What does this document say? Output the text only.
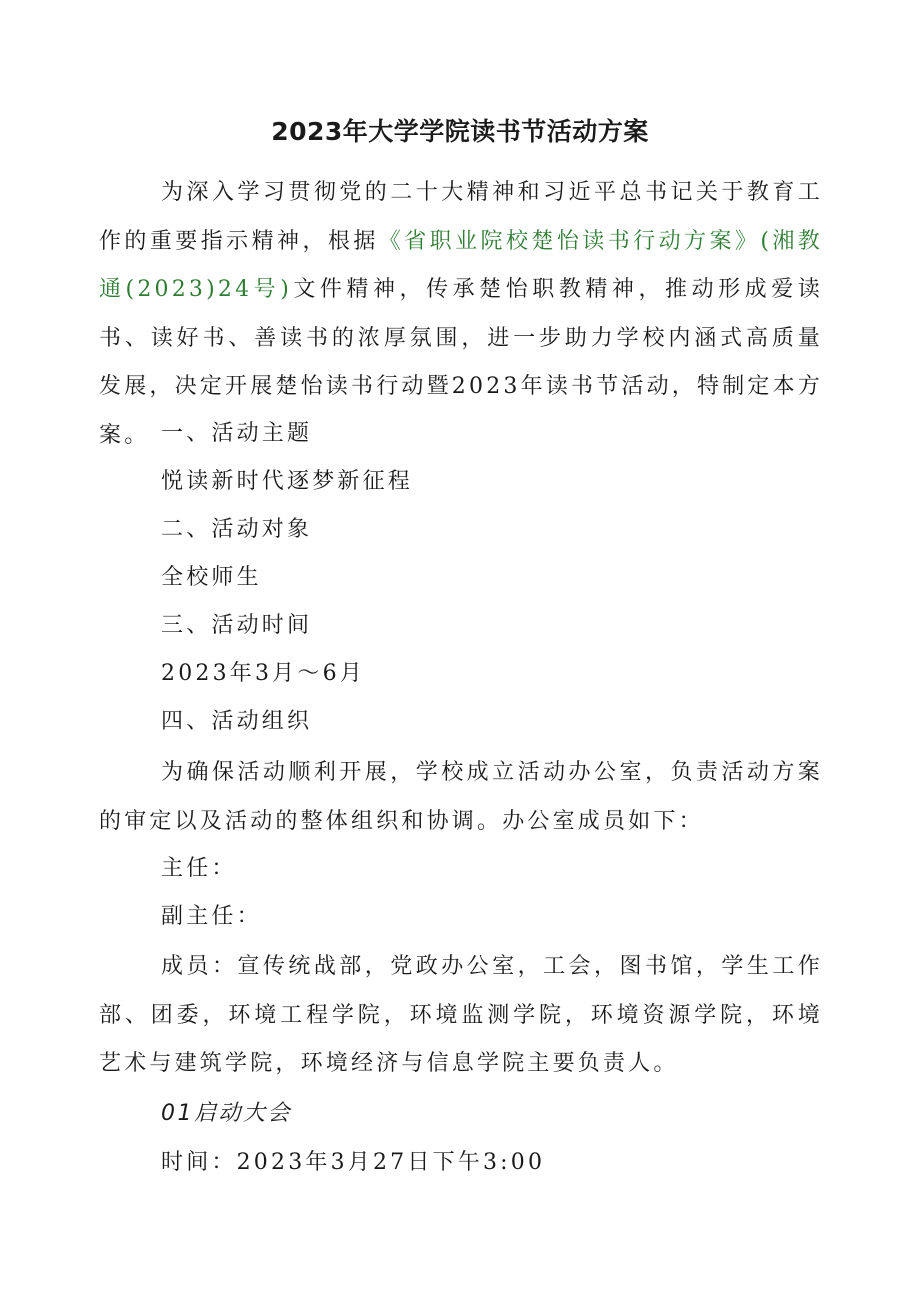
2023年大学学院读书节活动方案
为深入学习贯彻党的二十大精神和习近平总书记关于教育工作的重要指示精神，根据《省职业院校楚怡读书行动方案》(湘教通(2023)24号)文件精神，传承楚怡职教精神，推动形成爱读书、读好书、善读书的浓厚氛围，进一步助力学校内涵式高质量发展，决定开展楚怡读书行动暨2023年读书节活动，特制定本方案。 一、活动主题
悦读新时代逐梦新征程
二、活动对象
全校师生
三、活动时间
2023年3月～6月
四、活动组织
为确保活动顺利开展，学校成立活动办公室，负责活动方案的审定以及活动的整体组织和协调。办公室成员如下：
主任：
副主任：
成员：宣传统战部，党政办公室，工会，图书馆，学生工作部、团委，环境工程学院，环境监测学院，环境资源学院，环境艺术与建筑学院，环境经济与信息学院主要负责人。
01启动大会
时间：2023年3月27日下午3:00
